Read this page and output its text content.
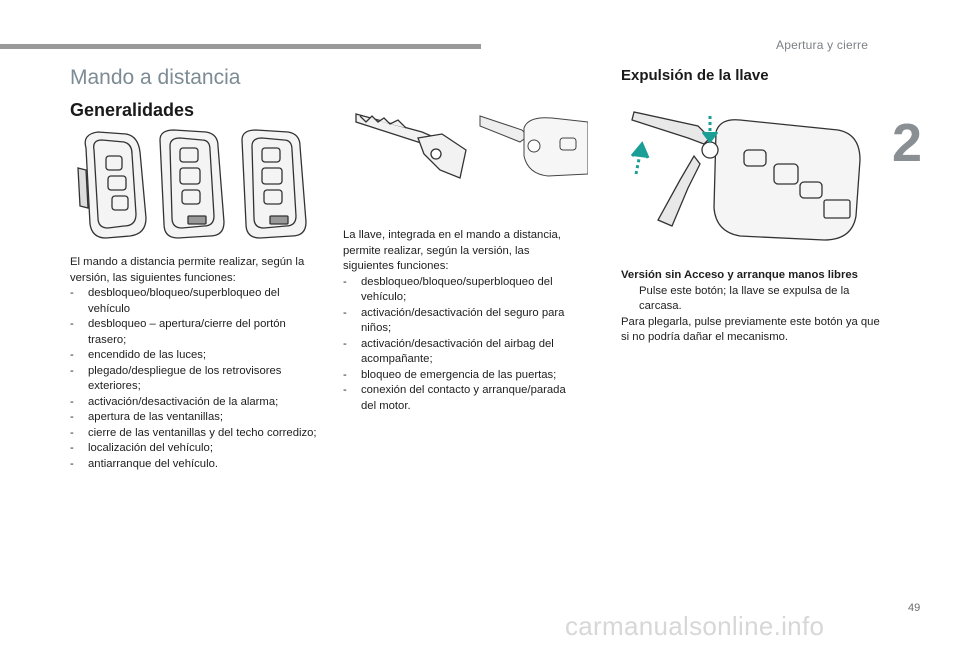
Apertura y cierre
2
Mando a distancia
Generalidades
Expulsión de la llave

El mando a distancia permite realizar, según la versión, las siguientes funciones:

- desbloqueo/bloqueo/superbloqueo del vehículo
- desbloqueo – apertura/cierre del portón trasero;
- encendido de las luces;
- plegado/despliegue de los retrovisores exteriores;
- activación/desactivación de la alarma;
- apertura de las ventanillas;
- cierre de las ventanillas y del techo corredizo;
- localización del vehículo;
- antiarranque del vehículo.

La llave, integrada en el mando a distancia, permite realizar, según la versión, las siguientes funciones:

- desbloqueo/bloqueo/superbloqueo del vehículo;
- activación/desactivación del seguro para niños;
- activación/desactivación del airbag del acompañante;
- bloqueo de emergencia de las puertas;
- conexión del contacto y arranque/parada del motor.

Versión sin Acceso y arranque manos libres

Pulse este botón; la llave se expulsa de la carcasa.

Para plegarla, pulse previamente este botón ya que si no podría dañar el mecanismo.

49
carmanualsonline.info
